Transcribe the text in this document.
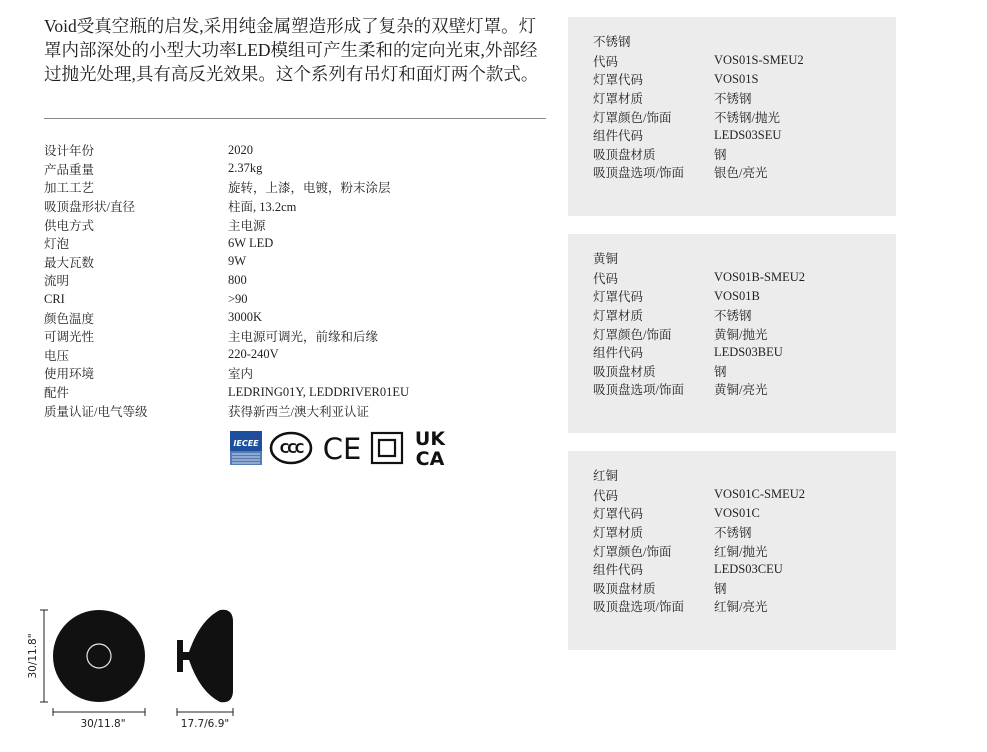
Void受真空瓶的启发,采用纯金属塑造形成了复杂的双壁灯罩。灯罩内部深处的小型大功率LED模组可产生柔和的定向光束,外部经过抛光处理,具有高反光效果。这个系列有吊灯和面灯两个款式。

设计年份	2020
产品重量	2.37kg
加工工艺	旋转，上漆，电镀，粉末涂层
吸顶盘形状/直径	柱面, 13.2cm
供电方式	主电源
灯泡	6W LED
最大瓦数	9W
流明	800
CRI	>90
颜色温度	3000K
可调光性	主电源可调光，前缘和后缘
电压	220-240V
使用环境	室内
配件	LEDRING01Y, LEDDRIVER01EU
质量认证/电气等级	获得新西兰/澳大利亚认证
IECEE CCC CE	UK
CA
不锈钢
代码	VOS01S-SMEU2
灯罩代码	VOS01S
灯罩材质	不锈钢
灯罩颜色/饰面	不锈钢/抛光
组件代码	LEDS03SEU
吸顶盘材质	钢
吸顶盘选项/饰面	银色/亮光
黄铜
代码	VOS01B-SMEU2
灯罩代码	VOS01B
灯罩材质	不锈钢
灯罩颜色/饰面	黄铜/抛光
组件代码	LEDS03BEU
吸顶盘材质	钢
吸顶盘选项/饰面	黄铜/亮光
红铜
代码	VOS01C-SMEU2
灯罩代码	VOS01C
灯罩材质	不锈钢
灯罩颜色/饰面	红铜/抛光
组件代码	LEDS03CEU
吸顶盘材质	钢
吸顶盘选项/饰面	红铜/亮光
30/11.8"
30/11.8"	17.7/6.9"
